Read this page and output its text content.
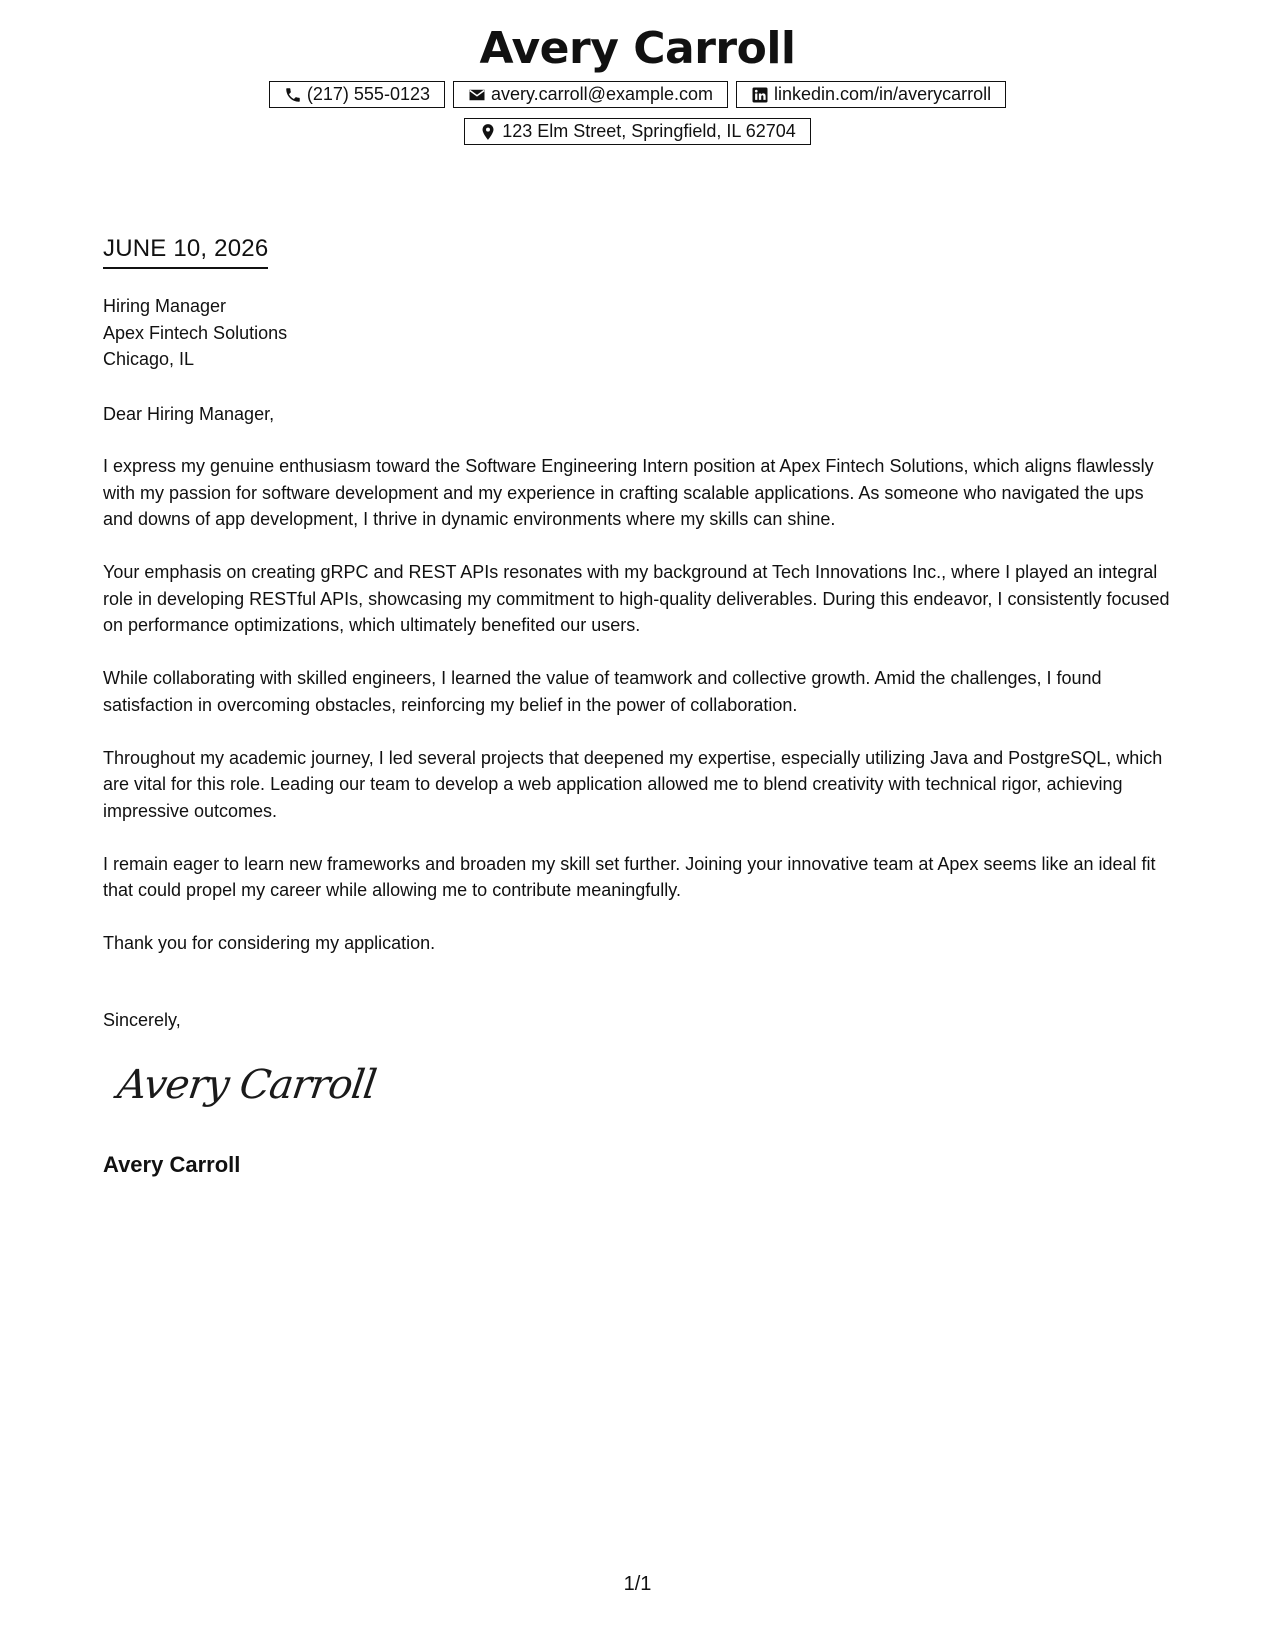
Avery Carroll
(217) 555-0123	avery.carroll@example.com	linkedin.com/in/averycarroll
123 Elm Street, Springfield, IL 62704
JUNE 10, 2026
Hiring Manager
Apex Fintech Solutions
Chicago, IL
Dear Hiring Manager,

I express my genuine enthusiasm toward the Software Engineering Intern position at Apex Fintech Solutions, which aligns flawlessly with my passion for software development and my experience in crafting scalable applications. As someone who navigated the ups and downs of app development, I thrive in dynamic environments where my skills can shine.

Your emphasis on creating gRPC and REST APIs resonates with my background at Tech Innovations Inc., where I played an integral role in developing RESTful APIs, showcasing my commitment to high-quality deliverables. During this endeavor, I consistently focused on performance optimizations, which ultimately benefited our users.

While collaborating with skilled engineers, I learned the value of teamwork and collective growth. Amid the challenges, I found satisfaction in overcoming obstacles, reinforcing my belief in the power of collaboration.

Throughout my academic journey, I led several projects that deepened my expertise, especially utilizing Java and PostgreSQL, which are vital for this role. Leading our team to develop a web application allowed me to blend creativity with technical rigor, achieving impressive outcomes.

I remain eager to learn new frameworks and broaden my skill set further. Joining your innovative team at Apex seems like an ideal fit that could propel my career while allowing me to contribute meaningfully.

Thank you for considering my application.

Sincerely,
Avery Carroll
Avery Carroll
1/1
